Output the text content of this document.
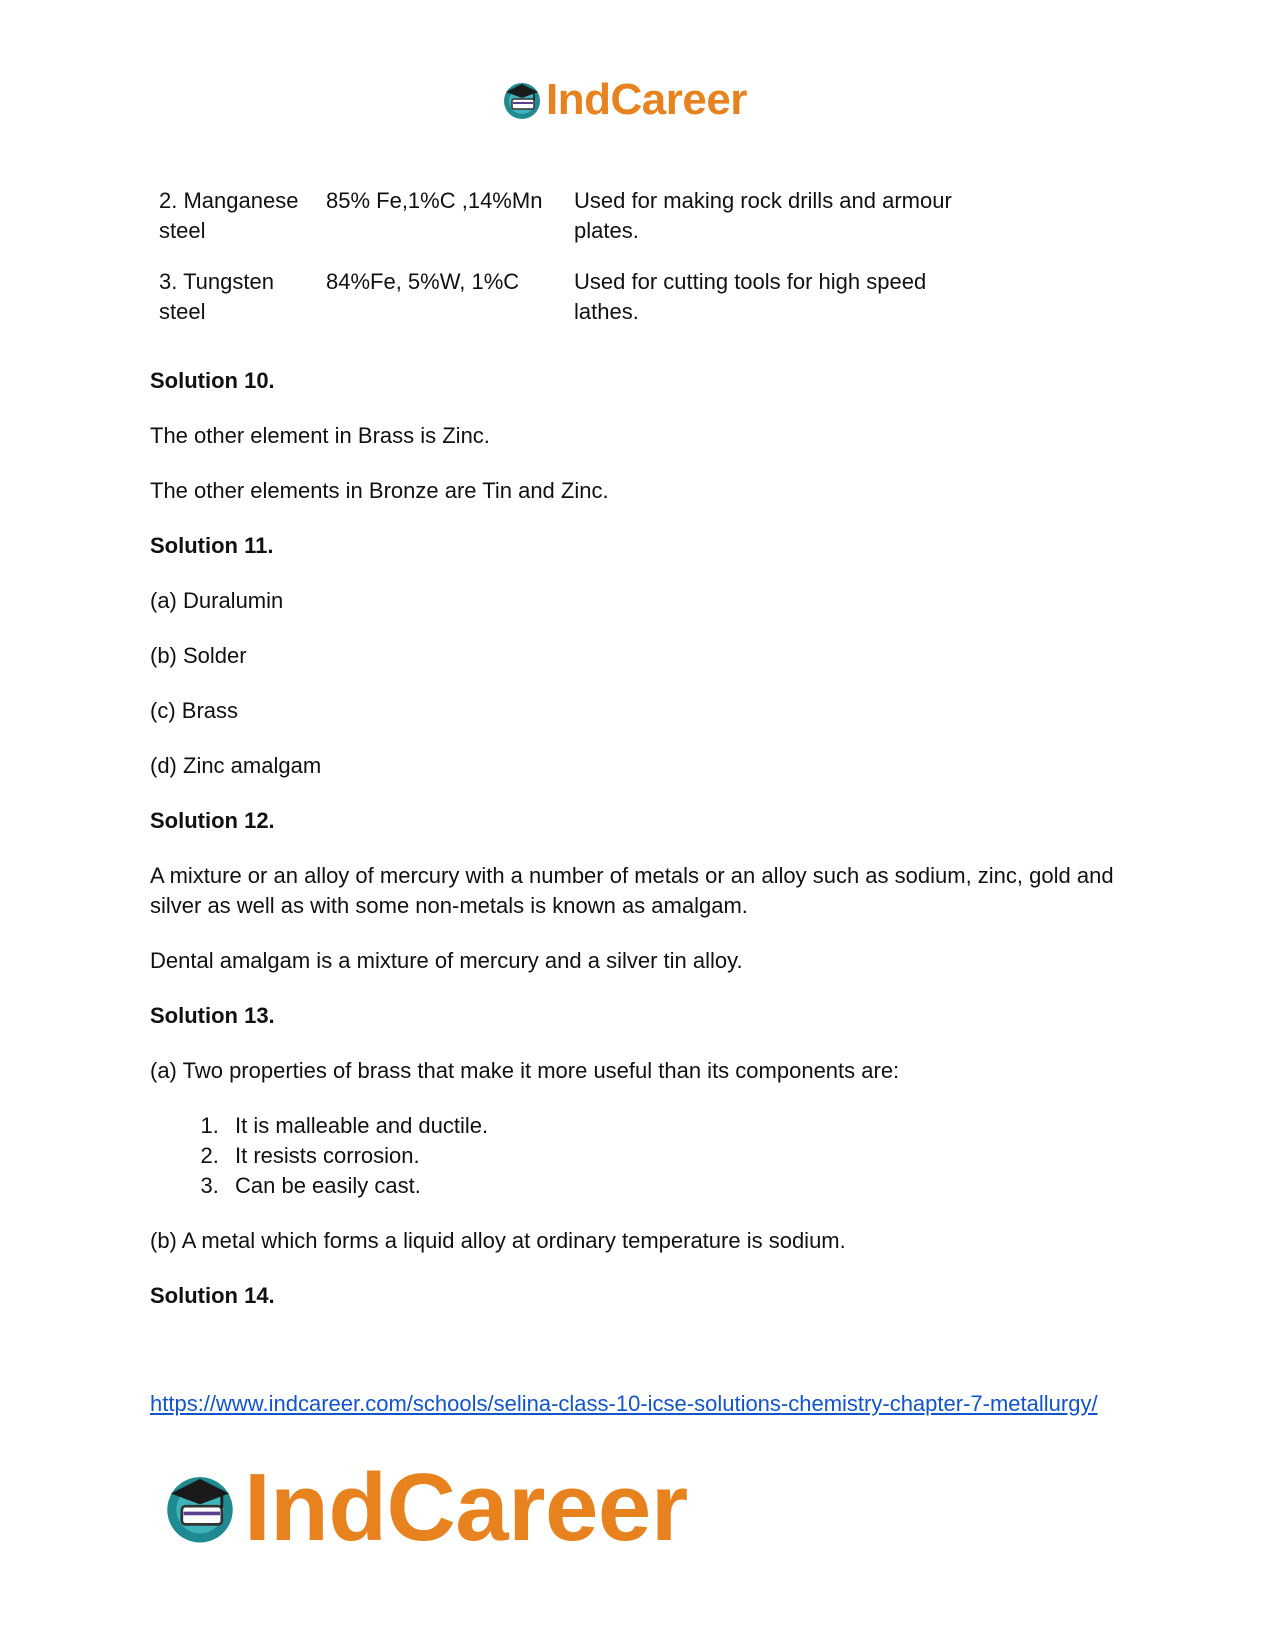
IndCareer
2. Manganese steel
85% Fe,1%C ,14%Mn	Used for making rock drills and armour plates.
3. Tungsten steel
84%Fe, 5%W, 1%C	Used for cutting tools for high speed lathes.

Solution 10.

The other element in Brass is Zinc.

The other elements in Bronze are Tin and Zinc.

Solution 11.

(a) Duralumin

(b) Solder

(c) Brass

(d) Zinc amalgam

Solution 12.

A mixture or an alloy of mercury with a number of metals or an alloy such as sodium, zinc, gold and silver as well as with some non-metals is known as amalgam.

Dental amalgam is a mixture of mercury and a silver tin alloy.

Solution 13.

(a) Two properties of brass that make it more useful than its components are:

1. It is malleable and ductile.
2. It resists corrosion.
3. Can be easily cast.

(b) A metal which forms a liquid alloy at ordinary temperature is sodium.

Solution 14.

https://www.indcareer.com/schools/selina-class-10-icse-solutions-chemistry-chapter-7-metallurgy/
IndCareer
